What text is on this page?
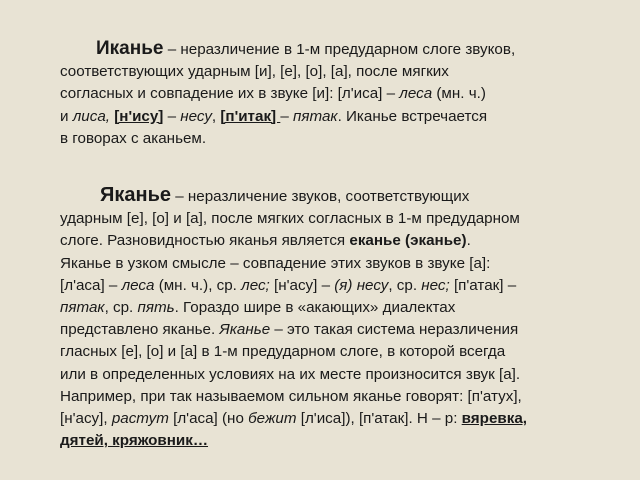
Иканье – неразличение в 1-м предударном слоге звуков,
соответствующих ударным [и], [е], [о], [а], после мягких
согласных и совпадение их в звуке [и]: [л'иса] – леса (мн. ч.)
и лиса, [н'ису] – несу, [п'итак] – пятак. Иканье встречается
в говорах с аканьем.
Яканье – неразличение звуков, соответствующих
ударным [е], [о] и [а], после мягких согласных в 1-м предударном
слоге. Разновидностью яканья является еканье (эканье).
Яканье в узком смысле – совпадение этих звуков в звуке [а]:
[л'аса] – леса (мн. ч.), ср. лес; [н'асу] – (я) несу, ср. нес; [п'атак] –
пятак, ср. пять. Гораздо шире в «акающих» диалектах
представлено яканье. Яканье – это такая система неразличения
гласных [е], [о] и [а] в 1-м предударном слоге, в которой всегда
или в определенных условиях на их месте произносится звук [а].
Например, при так называемом сильном яканье говорят: [п'атух],
[н'асу], растут [л'аса] (но бежит [л'иса]), [п'атак]. Н – р: вяревка,
дятей, кряжовник…
